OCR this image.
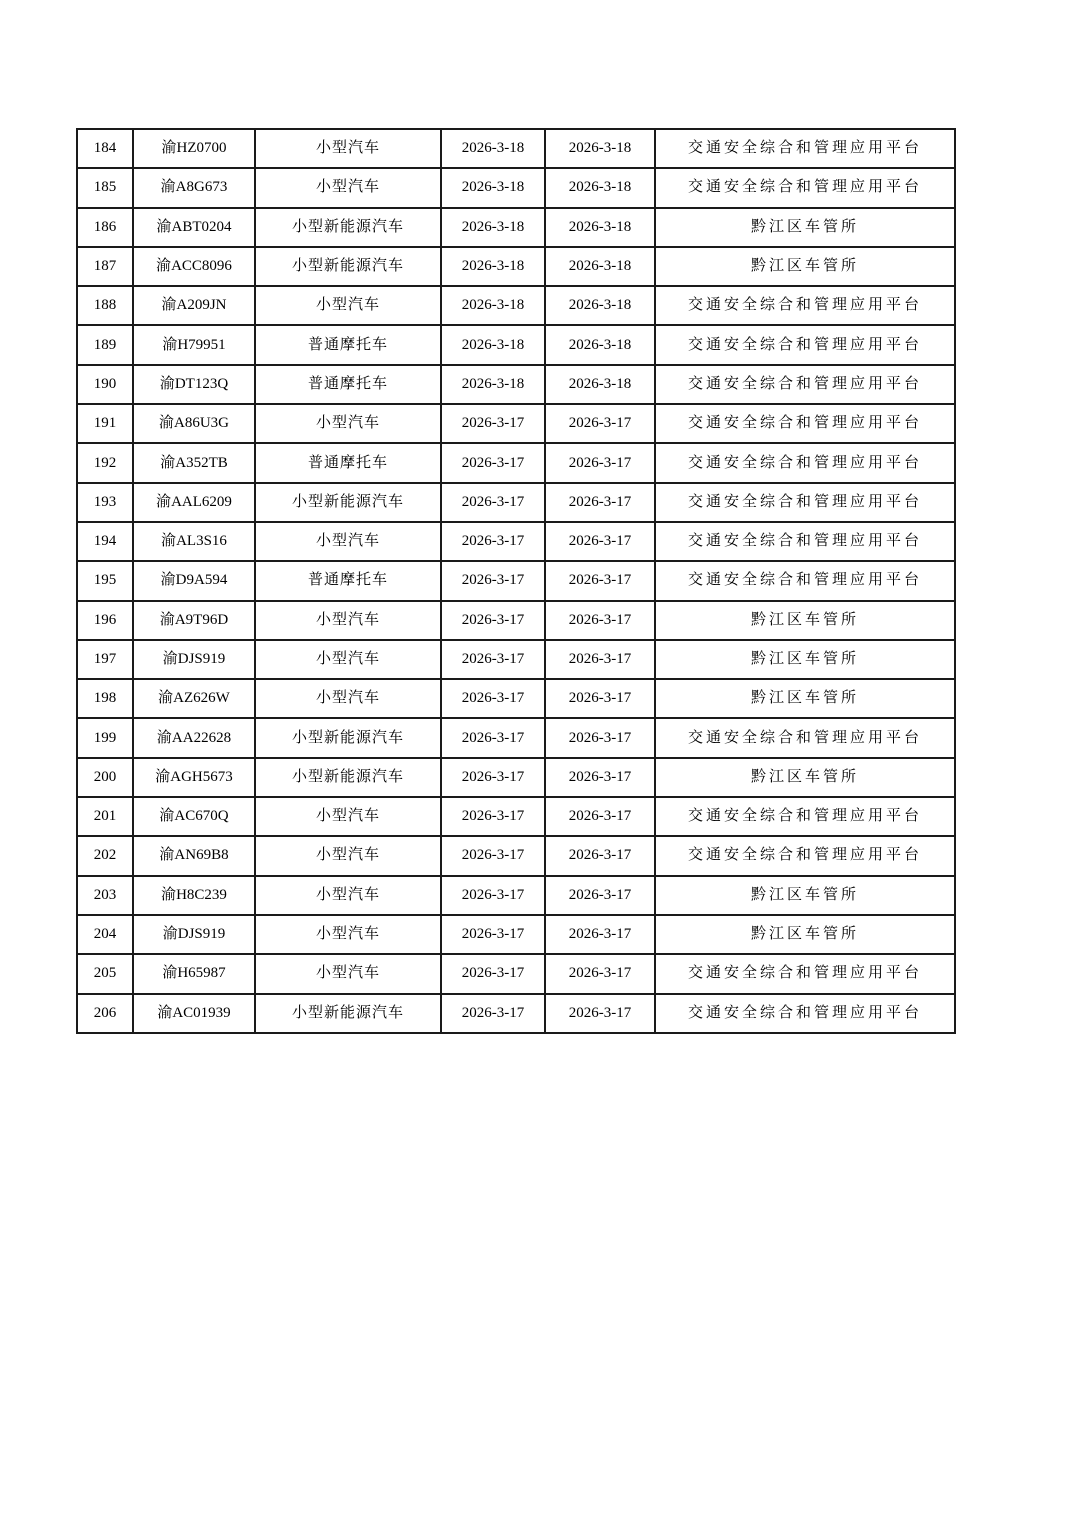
184	渝HZ0700	小型汽车	2026-3-18	2026-3-18	交通安全综合和管理应用平台
185	渝A8G673	小型汽车	2026-3-18	2026-3-18	交通安全综合和管理应用平台
186	渝ABT0204	小型新能源汽车	2026-3-18	2026-3-18	黔江区车管所
187	渝ACC8096	小型新能源汽车	2026-3-18	2026-3-18	黔江区车管所
188	渝A209JN	小型汽车	2026-3-18	2026-3-18	交通安全综合和管理应用平台
189	渝H79951	普通摩托车	2026-3-18	2026-3-18	交通安全综合和管理应用平台
190	渝DT123Q	普通摩托车	2026-3-18	2026-3-18	交通安全综合和管理应用平台
191	渝A86U3G	小型汽车	2026-3-17	2026-3-17	交通安全综合和管理应用平台
192	渝A352TB	普通摩托车	2026-3-17	2026-3-17	交通安全综合和管理应用平台
193	渝AAL6209	小型新能源汽车	2026-3-17	2026-3-17	交通安全综合和管理应用平台
194	渝AL3S16	小型汽车	2026-3-17	2026-3-17	交通安全综合和管理应用平台
195	渝D9A594	普通摩托车	2026-3-17	2026-3-17	交通安全综合和管理应用平台
196	渝A9T96D	小型汽车	2026-3-17	2026-3-17	黔江区车管所
197	渝DJS919	小型汽车	2026-3-17	2026-3-17	黔江区车管所
198	渝AZ626W	小型汽车	2026-3-17	2026-3-17	黔江区车管所
199	渝AA22628	小型新能源汽车	2026-3-17	2026-3-17	交通安全综合和管理应用平台
200	渝AGH5673	小型新能源汽车	2026-3-17	2026-3-17	黔江区车管所
201	渝AC670Q	小型汽车	2026-3-17	2026-3-17	交通安全综合和管理应用平台
202	渝AN69B8	小型汽车	2026-3-17	2026-3-17	交通安全综合和管理应用平台
203	渝H8C239	小型汽车	2026-3-17	2026-3-17	黔江区车管所
204	渝DJS919	小型汽车	2026-3-17	2026-3-17	黔江区车管所
205	渝H65987	小型汽车	2026-3-17	2026-3-17	交通安全综合和管理应用平台
206	渝AC01939	小型新能源汽车	2026-3-17	2026-3-17	交通安全综合和管理应用平台
